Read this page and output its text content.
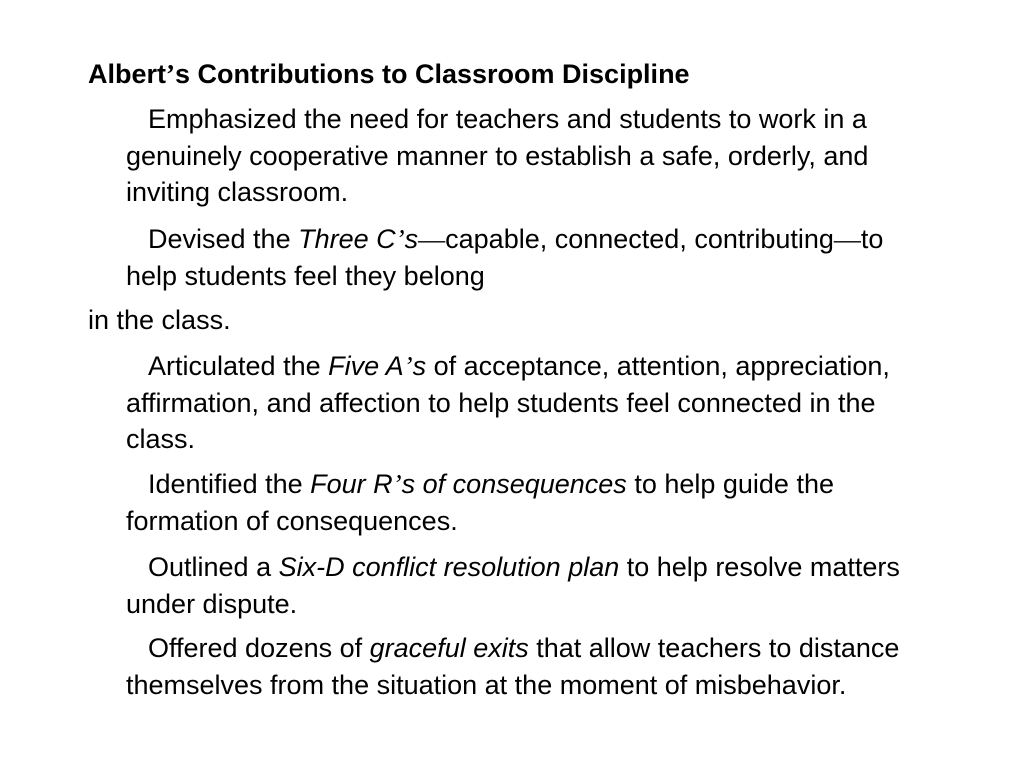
Albert’s Contributions to Classroom Discipline
Emphasized the need for teachers and students to work in a genuinely cooperative manner to establish a safe, orderly, and inviting classroom.
Devised the Three C’s—capable, connected, contributing—to help students feel they belong
in the class.
Articulated the Five A’s of acceptance, attention, appreciation, affirmation, and affection to help students feel connected in the class.
Identified the Four R’s of consequences to help guide the formation of consequences.
Outlined a Six-D conflict resolution plan to help resolve matters under dispute.
Offered dozens of graceful exits that allow teachers to distance themselves from the situation at the moment of misbehavior.
